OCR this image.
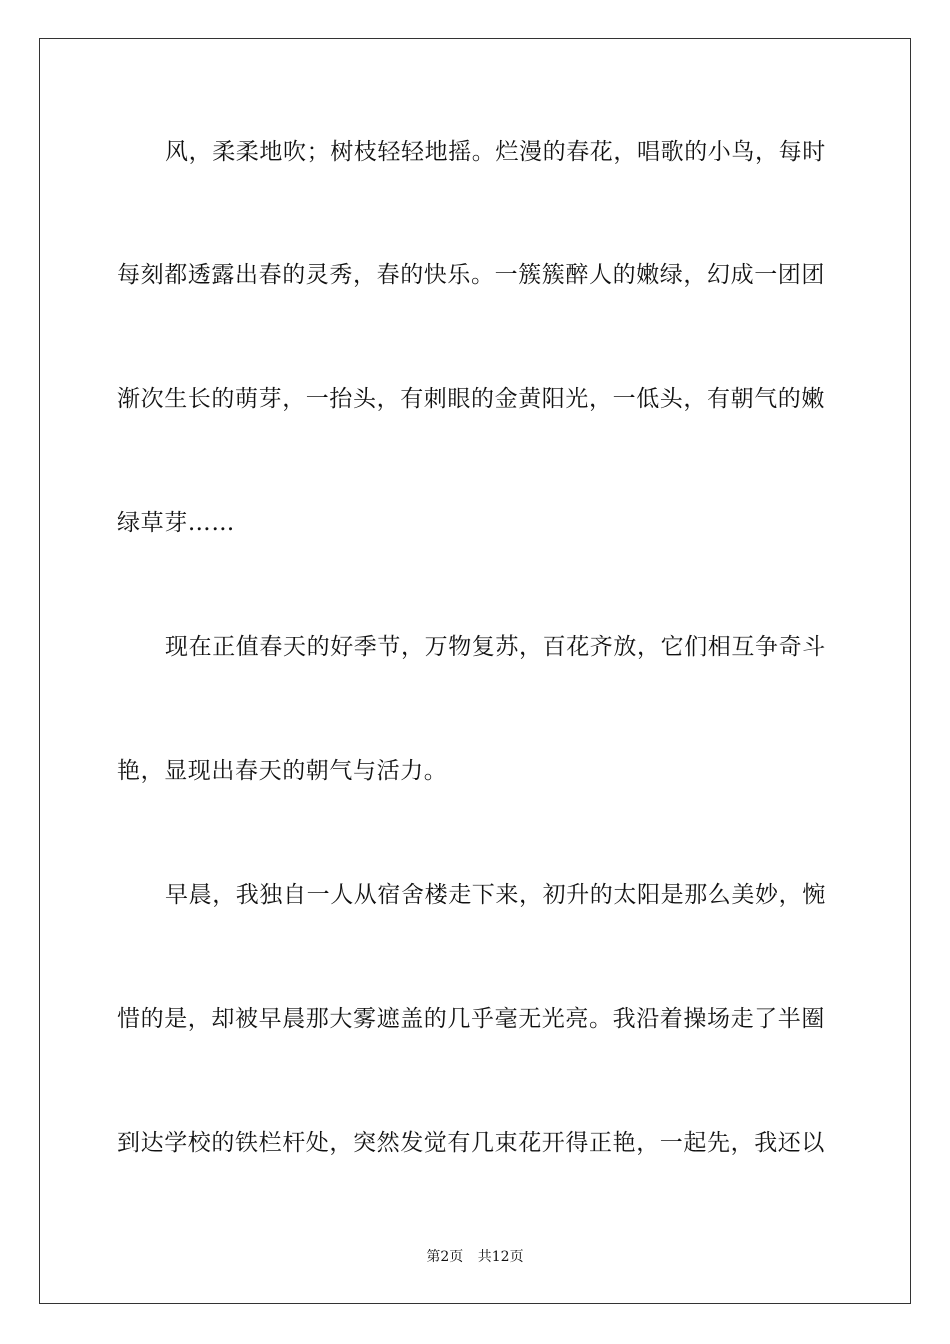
风，柔柔地吹；树枝轻轻地摇。烂漫的春花，唱歌的小鸟，每时
每刻都透露出春的灵秀，春的快乐。一簇簇醉人的嫩绿，幻成一团团
渐次生长的萌芽，一抬头，有刺眼的金黄阳光，一低头，有朝气的嫩
绿草芽……
现在正值春天的好季节，万物复苏，百花齐放，它们相互争奇斗
艳，显现出春天的朝气与活力。
早晨，我独自一人从宿舍楼走下来，初升的太阳是那么美妙，惋
惜的是，却被早晨那大雾遮盖的几乎毫无光亮。我沿着操场走了半圈
到达学校的铁栏杆处，突然发觉有几束花开得正艳，一起先，我还以
第2页 共12页
